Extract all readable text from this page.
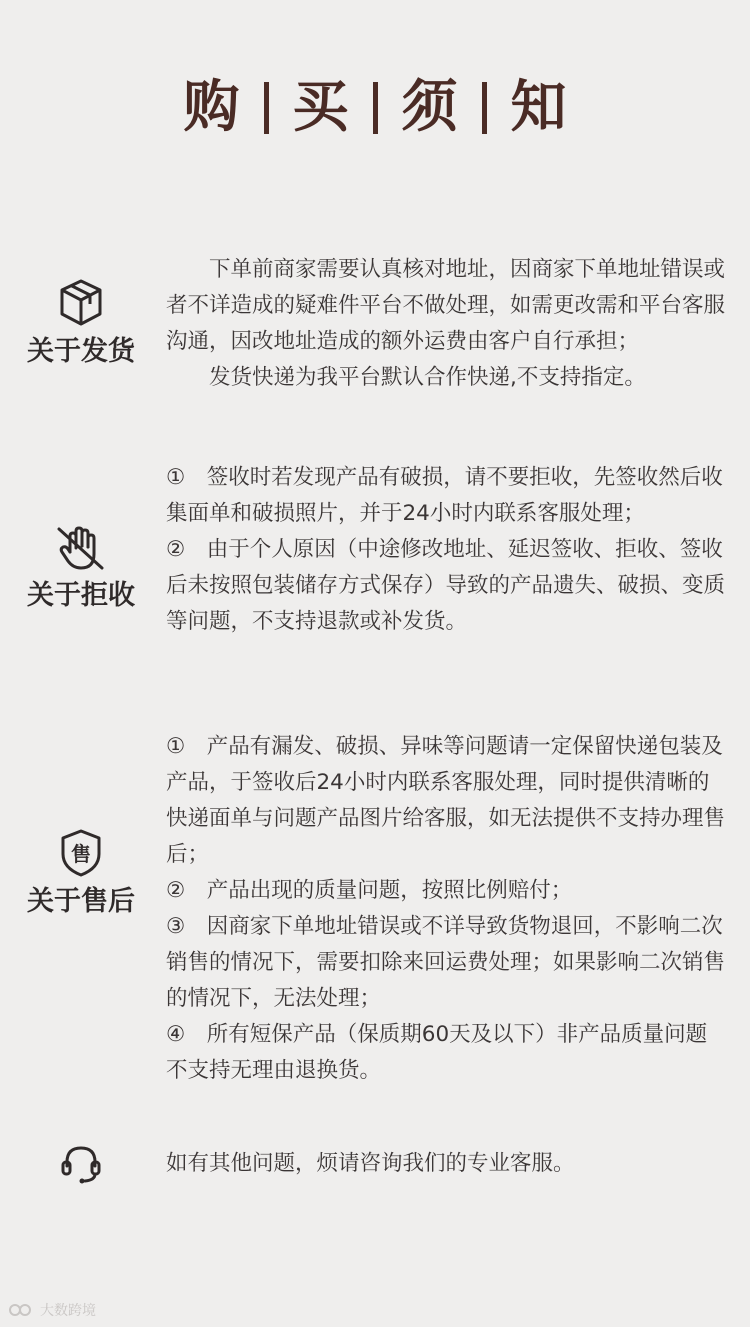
购 买 须 知
关于发货

下单前商家需要认真核对地址，因商家下单地址错误或者不详造成的疑难件平台不做处理，如需更改需和平台客服沟通，因改地址造成的额外运费由客户自行承担；

发货快递为我平台默认合作快递,不支持指定。

关于拒收

①　签收时若发现产品有破损，请不要拒收，先签收然后收集面单和破损照片，并于24小时内联系客服处理；

②　由于个人原因（中途修改地址、延迟签收、拒收、签收后未按照包装储存方式保存）导致的产品遗失、破损、变质等问题，不支持退款或补发货。

售
关于售后

①　产品有漏发、破损、异味等问题请一定保留快递包装及产品，于签收后24小时内联系客服处理，同时提供清晰的快递面单与问题产品图片给客服，如无法提供不支持办理售后；

②　产品出现的质量问题，按照比例赔付；

③　因商家下单地址错误或不详导致货物退回，不影响二次销售的情况下，需要扣除来回运费处理；如果影响二次销售的情况下，无法处理；

④　所有短保产品（保质期60天及以下）非产品质量问题不支持无理由退换货。

如有其他问题，烦请咨询我们的专业客服。

大数跨境
